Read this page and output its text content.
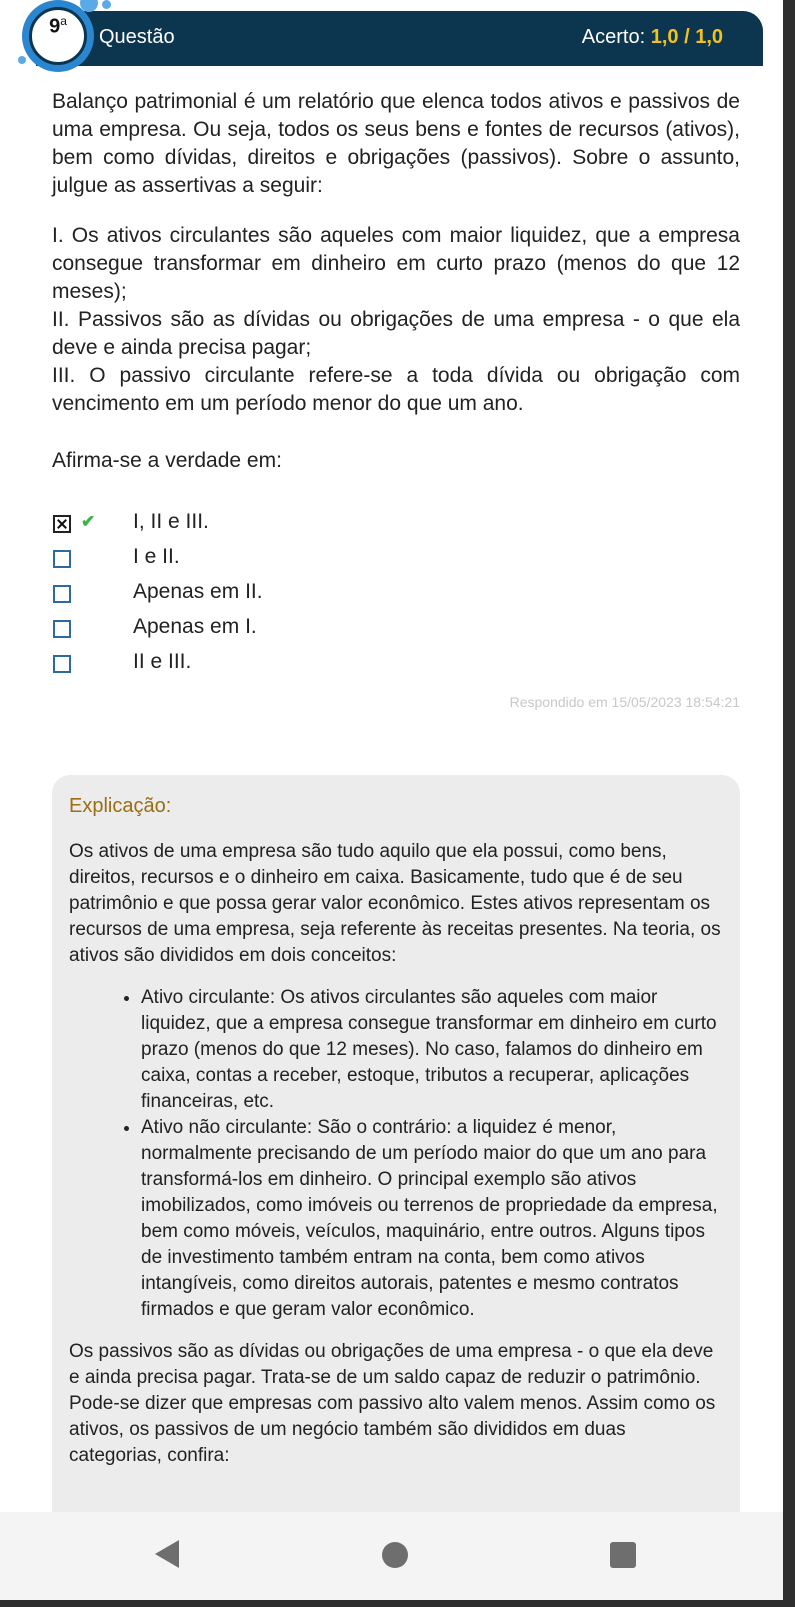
Questão	Acerto: 1,0 / 1,0
9$^a$

Balanço patrimonial é um relatório que elenca todos ativos e passivos de uma empresa. Ou seja, todos os seus bens e fontes de recursos (ativos), bem como dívidas, direitos e obrigações (passivos). Sobre o assunto, julgue as assertivas a seguir:

I. Os ativos circulantes são aqueles com maior liquidez, que a empresa consegue transformar em dinheiro em curto prazo (menos do que 12 meses);

II. Passivos são as dívidas ou obrigações de uma empresa - o que ela deve e ainda precisa pagar;

III. O passivo circulante refere-se a toda dívida ou obrigação com vencimento em um período menor do que um ano.

Afirma-se a verdade em:
✔ I, II e III.
I e II.
Apenas em II.
Apenas em I.
II e III.
Respondido em 15/05/2023 18:54:21
Explicação:

Os ativos de uma empresa são tudo aquilo que ela possui, como bens, direitos, recursos e o dinheiro em caixa. Basicamente, tudo que é de seu patrimônio e que possa gerar valor econômico. Estes ativos representam os recursos de uma empresa, seja referente às receitas presentes. Na teoria, os ativos são divididos em dois conceitos:

• Ativo circulante: Os ativos circulantes são aqueles com maior liquidez, que a empresa consegue transformar em dinheiro em curto prazo (menos do que 12 meses). No caso, falamos do dinheiro em caixa, contas a receber, estoque, tributos a recuperar, aplicações financeiras, etc.
• Ativo não circulante: São o contrário: a liquidez é menor, normalmente precisando de um período maior do que um ano para transformá-los em dinheiro. O principal exemplo são ativos imobilizados, como imóveis ou terrenos de propriedade da empresa, bem como móveis, veículos, maquinário, entre outros. Alguns tipos de investimento também entram na conta, bem como ativos intangíveis, como direitos autorais, patentes e mesmo contratos firmados e que geram valor econômico.

Os passivos são as dívidas ou obrigações de uma empresa - o que ela deve e ainda precisa pagar. Trata-se de um saldo capaz de reduzir o patrimônio. Pode-se dizer que empresas com passivo alto valem menos. Assim como os ativos, os passivos de um negócio também são divididos em duas categorias, confira:
